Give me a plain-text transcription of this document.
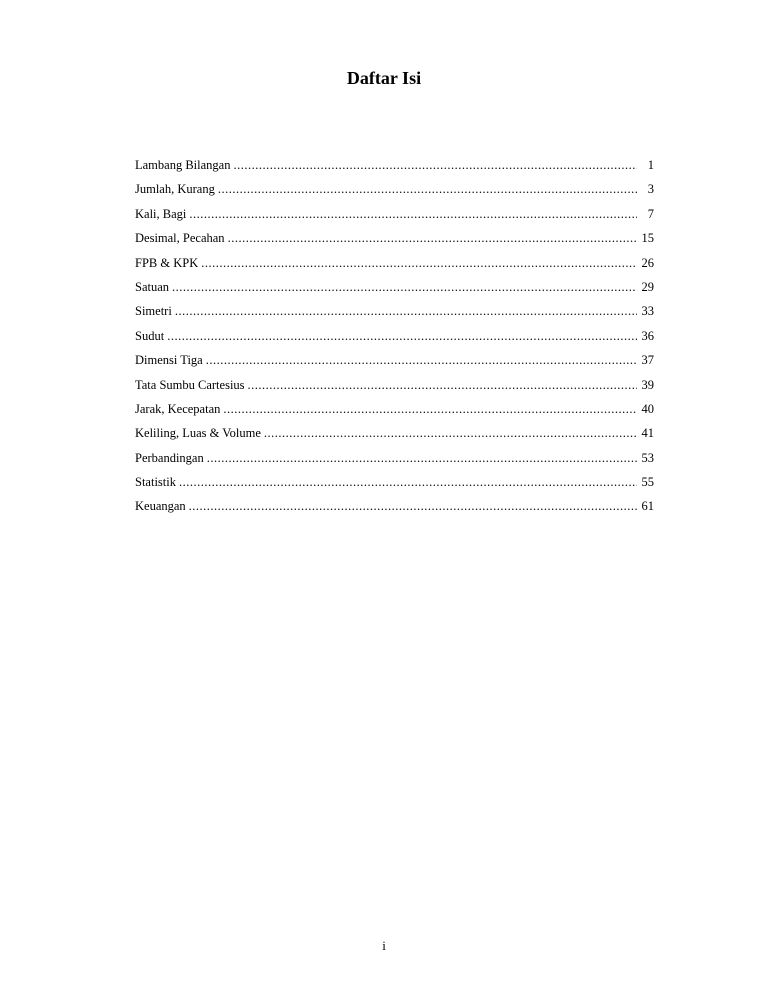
Daftar Isi
Lambang Bilangan .....	1
Jumlah, Kurang .....	3
Kali, Bagi .....	7
Desimal, Pecahan .....	15
FPB & KPK .....	26
Satuan .....	29
Simetri .....	33
Sudut .....	36
Dimensi Tiga .....	37
Tata Sumbu Cartesius .....	39
Jarak, Kecepatan .....	40
Keliling, Luas & Volume .....	41
Perbandingan .....	53
Statistik .....	55
Keuangan .....	61
i
